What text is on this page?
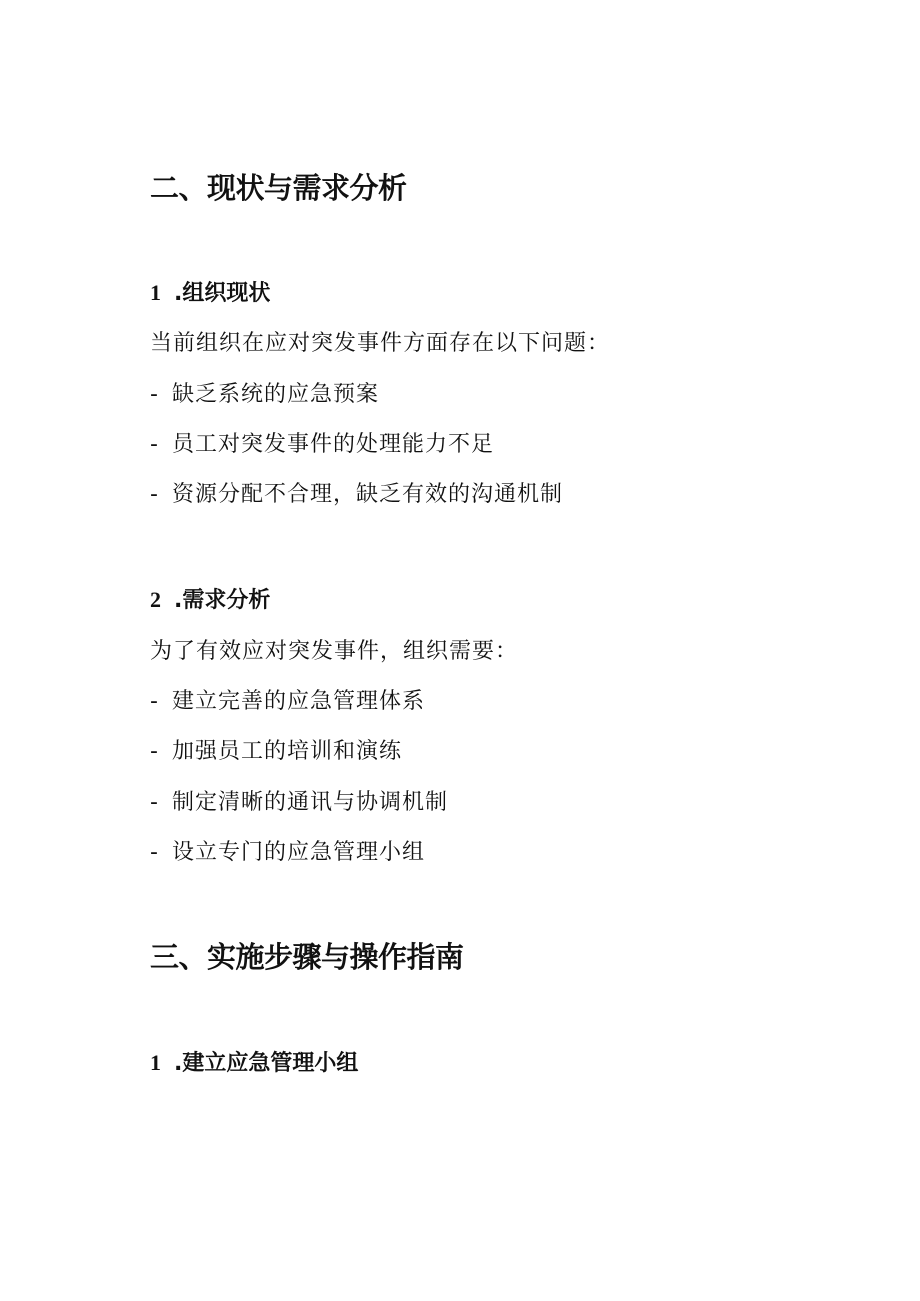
二、现状与需求分析
1 .组织现状
当前组织在应对突发事件方面存在以下问题：
- 缺乏系统的应急预案
- 员工对突发事件的处理能力不足
- 资源分配不合理，缺乏有效的沟通机制
2 .需求分析
为了有效应对突发事件，组织需要：
- 建立完善的应急管理体系
- 加强员工的培训和演练
- 制定清晰的通讯与协调机制
- 设立专门的应急管理小组
三、实施步骤与操作指南
1 .建立应急管理小组
